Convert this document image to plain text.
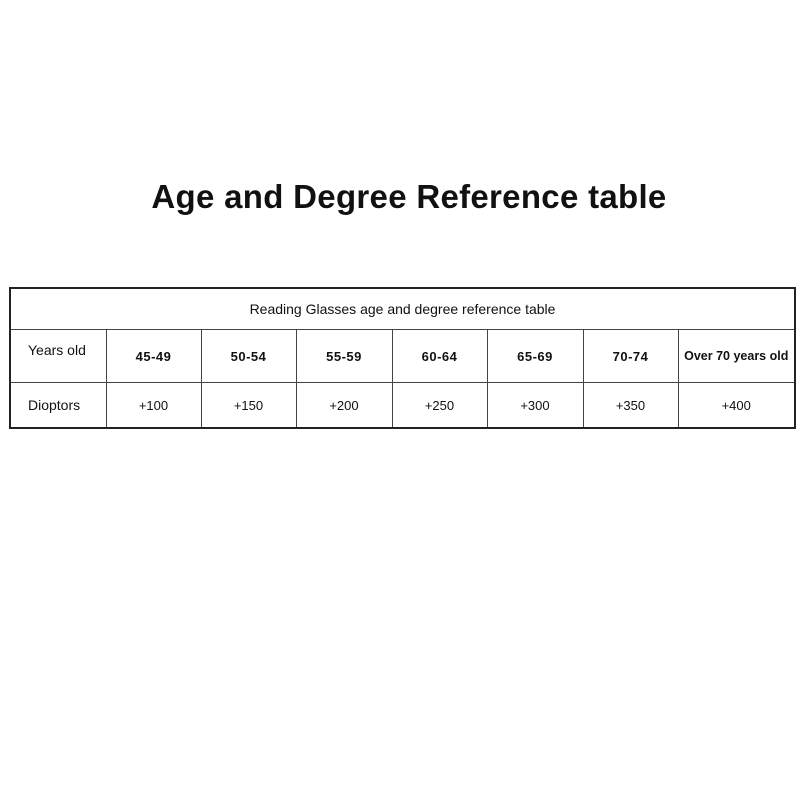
Age and Degree Reference table
Reading Glasses age and degree reference table							
Years old	45-49	50-54	55-59	60-64	65-69	70-74	Over 70 years old
Dioptors	+100	+150	+200	+250	+300	+350	+400
